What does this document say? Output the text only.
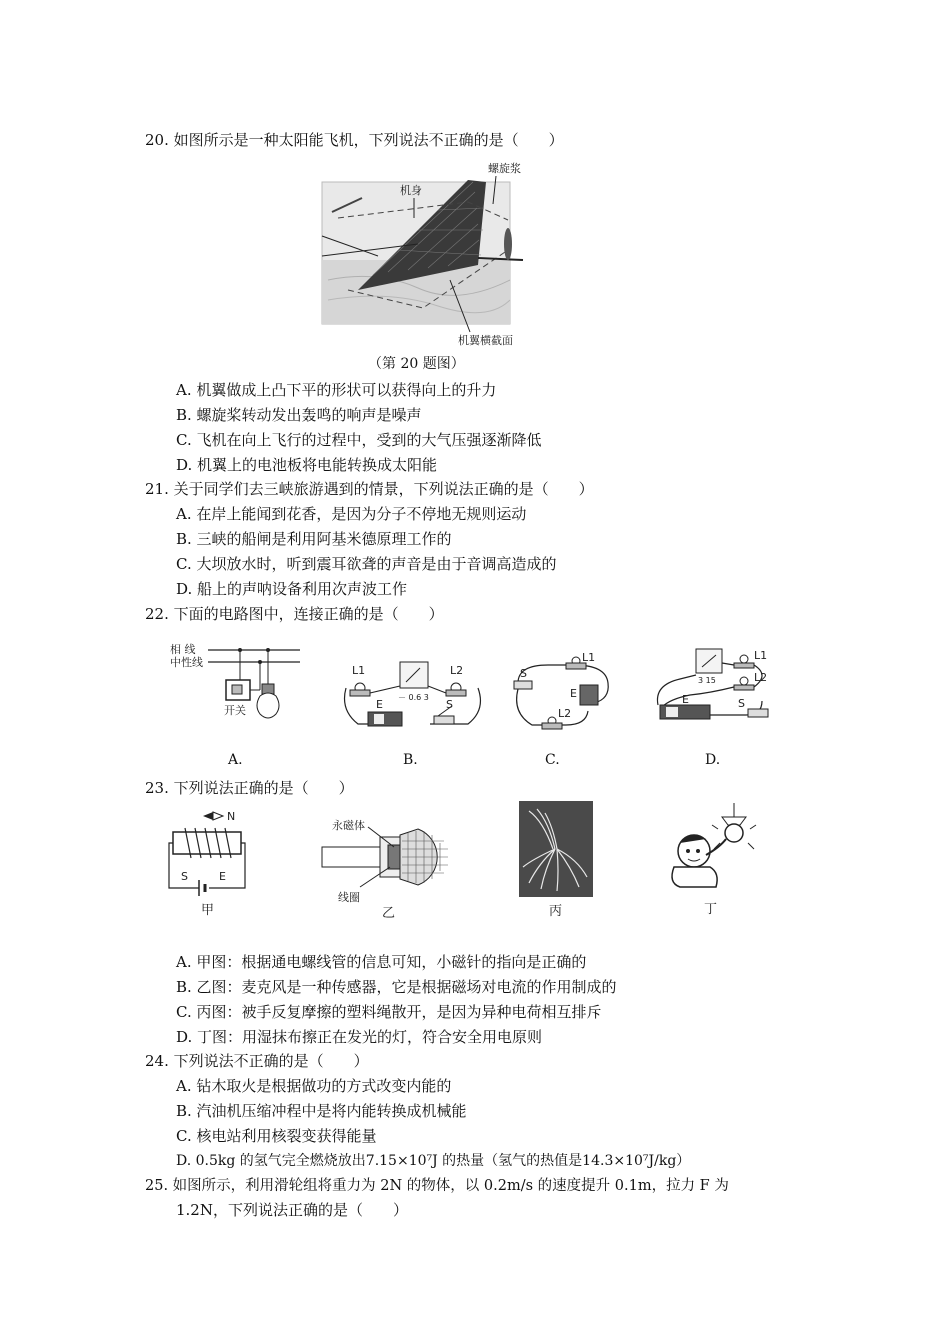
20. 如图所示是一种太阳能飞机，下列说法不正确的是（　　）
螺旋浆
机身
机翼横截面
（第 20 题图）
A. 机翼做成上凸下平的形状可以获得向上的升力
B. 螺旋桨转动发出轰鸣的响声是噪声
C. 飞机在向上飞行的过程中，受到的大气压强逐渐降低
D. 机翼上的电池板将电能转换成太阳能
21. 关于同学们去三峡旅游遇到的情景，下列说法正确的是（　　）
A. 在岸上能闻到花香，是因为分子不停地无规则运动
B. 三峡的船闸是利用阿基米德原理工作的
C. 大坝放水时，听到震耳欲聋的声音是由于音调高造成的
D. 船上的声呐设备利用次声波工作
22. 下面的电路图中，连接正确的是（　　）
相 线
中性线
开关
L1
－ 0.6 3
L2
E	S
L1
S
E
L2
3 15
L1
L2
E	S
A.	B.	C.	D.
23. 下列说法正确的是（　　）
N
S	E
甲
永磁体
线圈
乙	丙	丁
A. 甲图：根据通电螺线管的信息可知，小磁针的指向是正确的
B. 乙图：麦克风是一种传感器，它是根据磁场对电流的作用制成的
C. 丙图：被手反复摩擦的塑料绳散开，是因为异种电荷相互排斥
D. 丁图：用湿抹布擦正在发光的灯，符合安全用电原则
24. 下列说法不正确的是（　　）
A. 钻木取火是根据做功的方式改变内能的
B. 汽油机压缩冲程中是将内能转换成机械能
C. 核电站利用核裂变获得能量
D. 0.5kg 的氢气完全燃烧放出7.15×10⁷J 的热量（氢气的热值是14.3×10⁷J/kg）
25. 如图所示，利用滑轮组将重力为 2N 的物体，以 0.2m/s 的速度提升 0.1m，拉力 F 为
1.2N，下列说法正确的是（　　）
